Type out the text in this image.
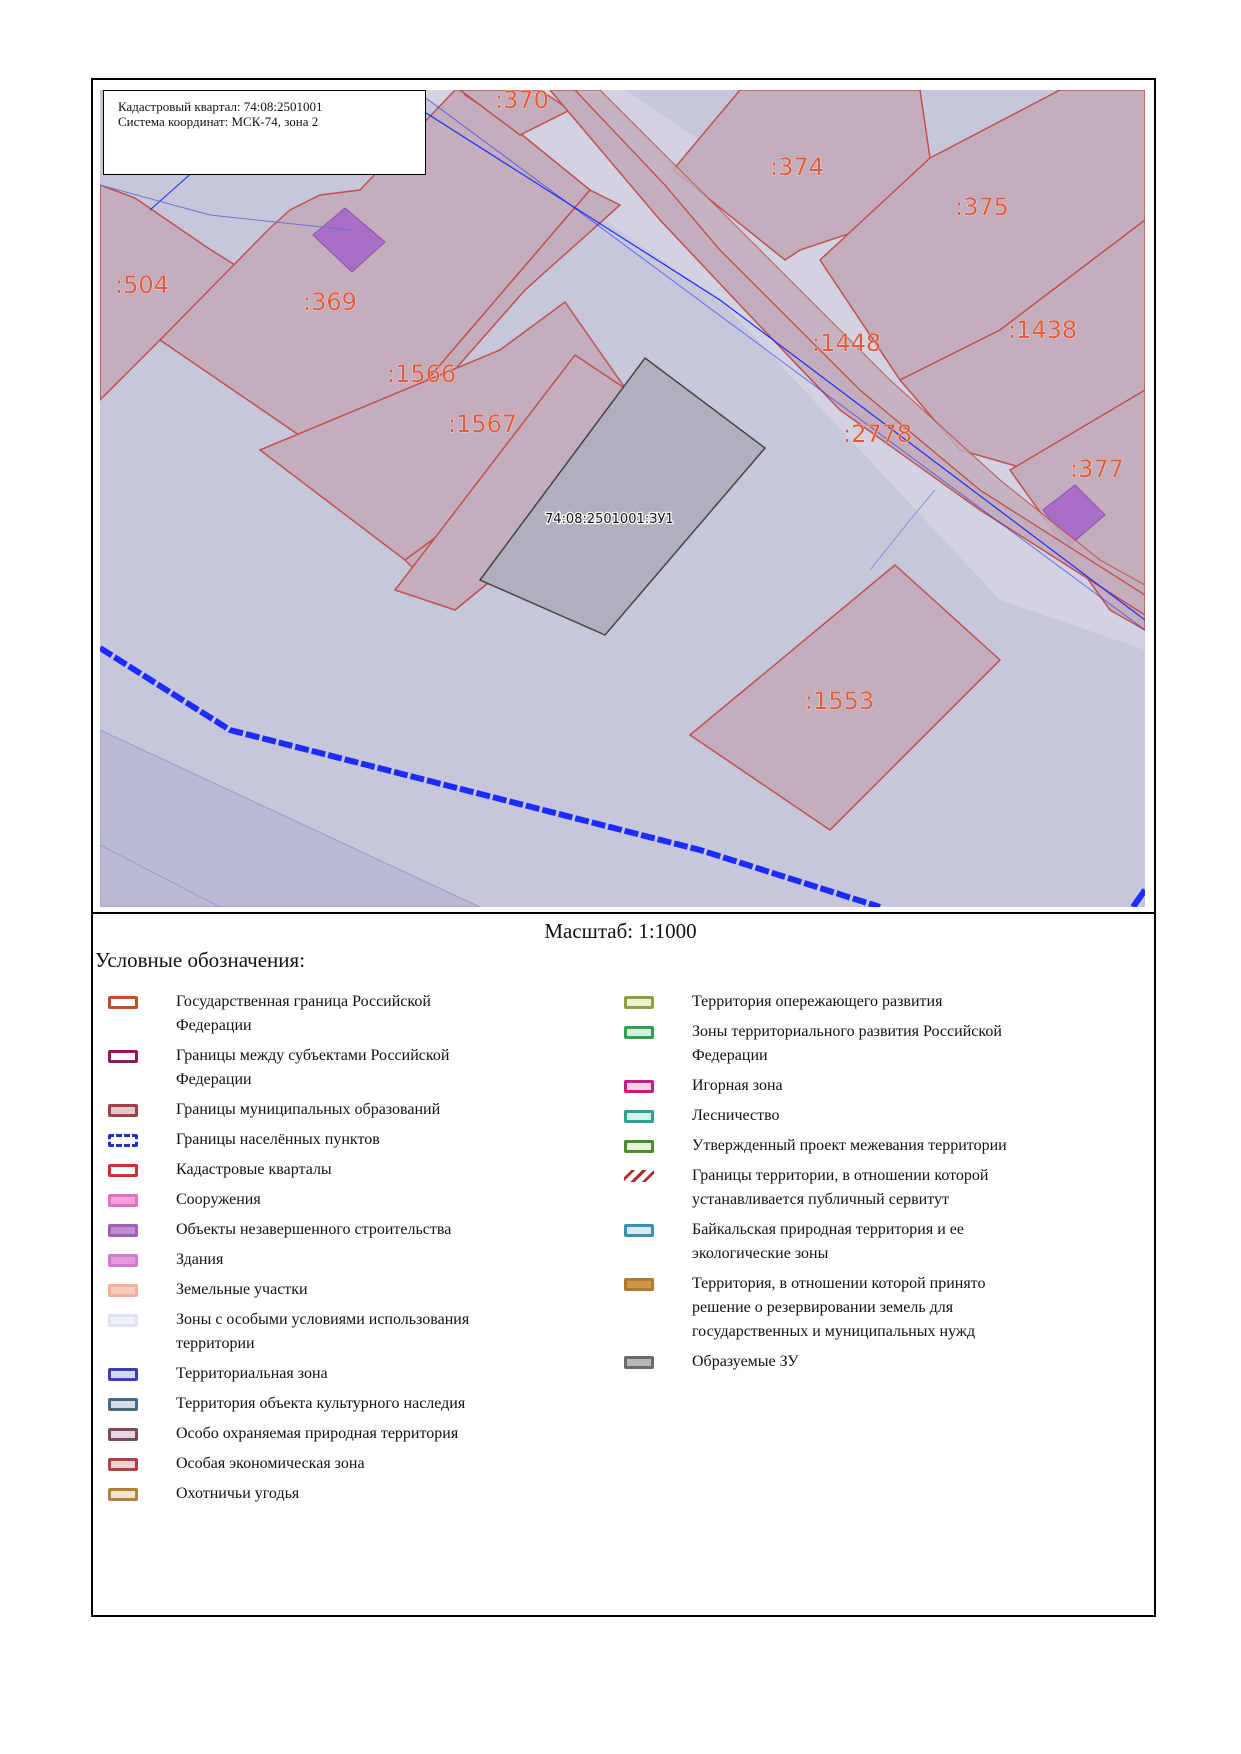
:370
:374
:375
:504
:369
:1448	:1438
:1566
:1567	:2778
:377
:1553
74:08:2501001:ЗУ1
Кадастровый квартал: 74:08:2501001
Система координат: МСК-74, зона 2
Масштаб: 1:1000
Условные обозначения:
Государственная граница Российской Федерации
Границы между субъектами Российской Федерации
Границы муниципальных образований
Границы населённых пунктов
Кадастровые кварталы
Сооружения
Объекты незавершенного строительства
Здания
Земельные участки
Зоны с особыми условиями использования территории
Территориальная зона
Территория объекта культурного наследия
Особо охраняемая природная территория
Особая экономическая зона
Охотничьи угодья
Территория опережающего развития
Зоны территориального развития Российской Федерации
Игорная зона
Лесничество
Утвержденный проект межевания территории
Границы территории, в отношении которой устанавливается публичный сервитут
Байкальская природная территория и ее экологические зоны
Территория, в отношении которой принято решение о резервировании земель для государственных и муниципальных нужд
Образуемые ЗУ
